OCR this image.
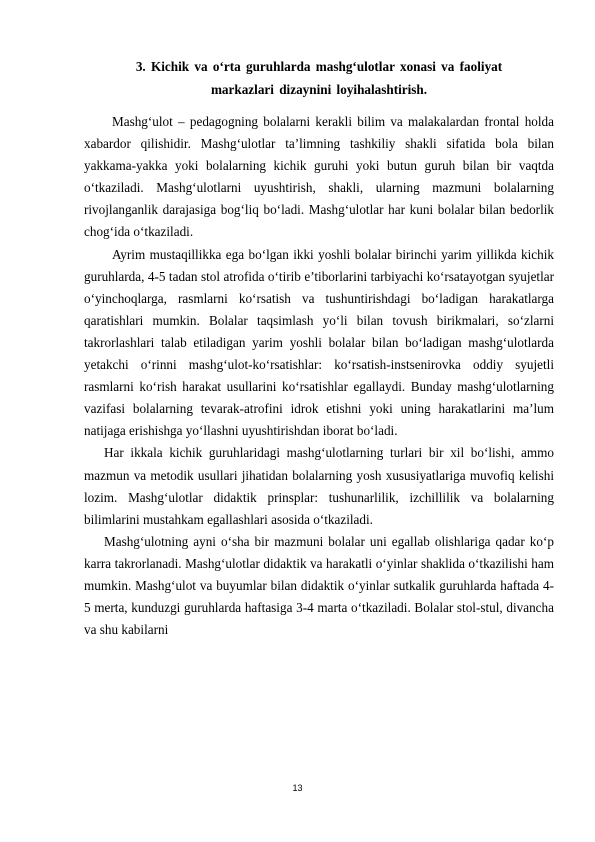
3. Kichik va o‘rta guruhlarda mashg‘ulotlar xonasi va faoliyat
markazlari dizaynini loyihalashtirish.

Mashg‘ulot – pedagogning bolalarni kerakli bilim va malakalardan frontal holda xabardor qilishidir. Mashg‘ulotlar ta’limning tashkiliy shakli sifatida bola bilan yakkama-yakka yoki bolalarning kichik guruhi yoki butun guruh bilan bir vaqtda o‘tkaziladi. Mashg‘ulotlarni uyushtirish, shakli, ularning mazmuni bolalarning rivojlanganlik darajasiga bog‘liq bo‘ladi. Mashg‘ulotlar har kuni bolalar bilan bedorlik chog‘ida o‘tkaziladi.

Ayrim mustaqillikka ega bo‘lgan ikki yoshli bolalar birinchi yarim yillikda kichik guruhlarda, 4-5 tadan stol atrofida o‘tirib e’tiborlarini tarbiyachi ko‘rsatayotgan syujetlar o‘yinchoqlarga, rasmlarni ko‘rsatish va tushuntirishdagi bo‘ladigan harakatlarga qaratishlari mumkin. Bolalar taqsimlash yo‘li bilan tovush birikmalari, so‘zlarni takrorlashlari talab etiladigan yarim yoshli bolalar bilan bo‘ladigan mashg‘ulotlarda yetakchi o‘rinni mashg‘ulot-ko‘rsatishlar: ko‘rsatish-instsenirovka oddiy syujetli rasmlarni ko‘rish harakat usullarini ko‘rsatishlar egallaydi. Bunday mashg‘ulotlarning vazifasi bolalarning tevarak-atrofini idrok etishni yoki uning harakatlarini ma’lum natijaga erishishga yo‘llashni uyushtirishdan iborat bo‘ladi.

Har ikkala kichik guruhlaridagi mashg‘ulotlarning turlari bir xil bo‘lishi, ammo mazmun va metodik usullari jihatidan bolalarning yosh xususiyatlariga muvofiq kelishi lozim. Mashg‘ulotlar didaktik prinsplar: tushunarlilik, izchillilik va bolalarning bilimlarini mustahkam egallashlari asosida o‘tkaziladi.

Mashg‘ulotning ayni o‘sha bir mazmuni bolalar uni egallab olishlariga qadar ko‘p karra takrorlanadi. Mashg‘ulotlar didaktik va harakatli o‘yinlar shaklida o‘tkazilishi ham mumkin. Mashg‘ulot va buyumlar bilan didaktik o‘yinlar sutkalik guruhlarda haftada 4-5 merta, kunduzgi guruhlarda haftasiga 3-4 marta o‘tkaziladi. Bolalar stol-stul, divancha va shu kabilarni

13
